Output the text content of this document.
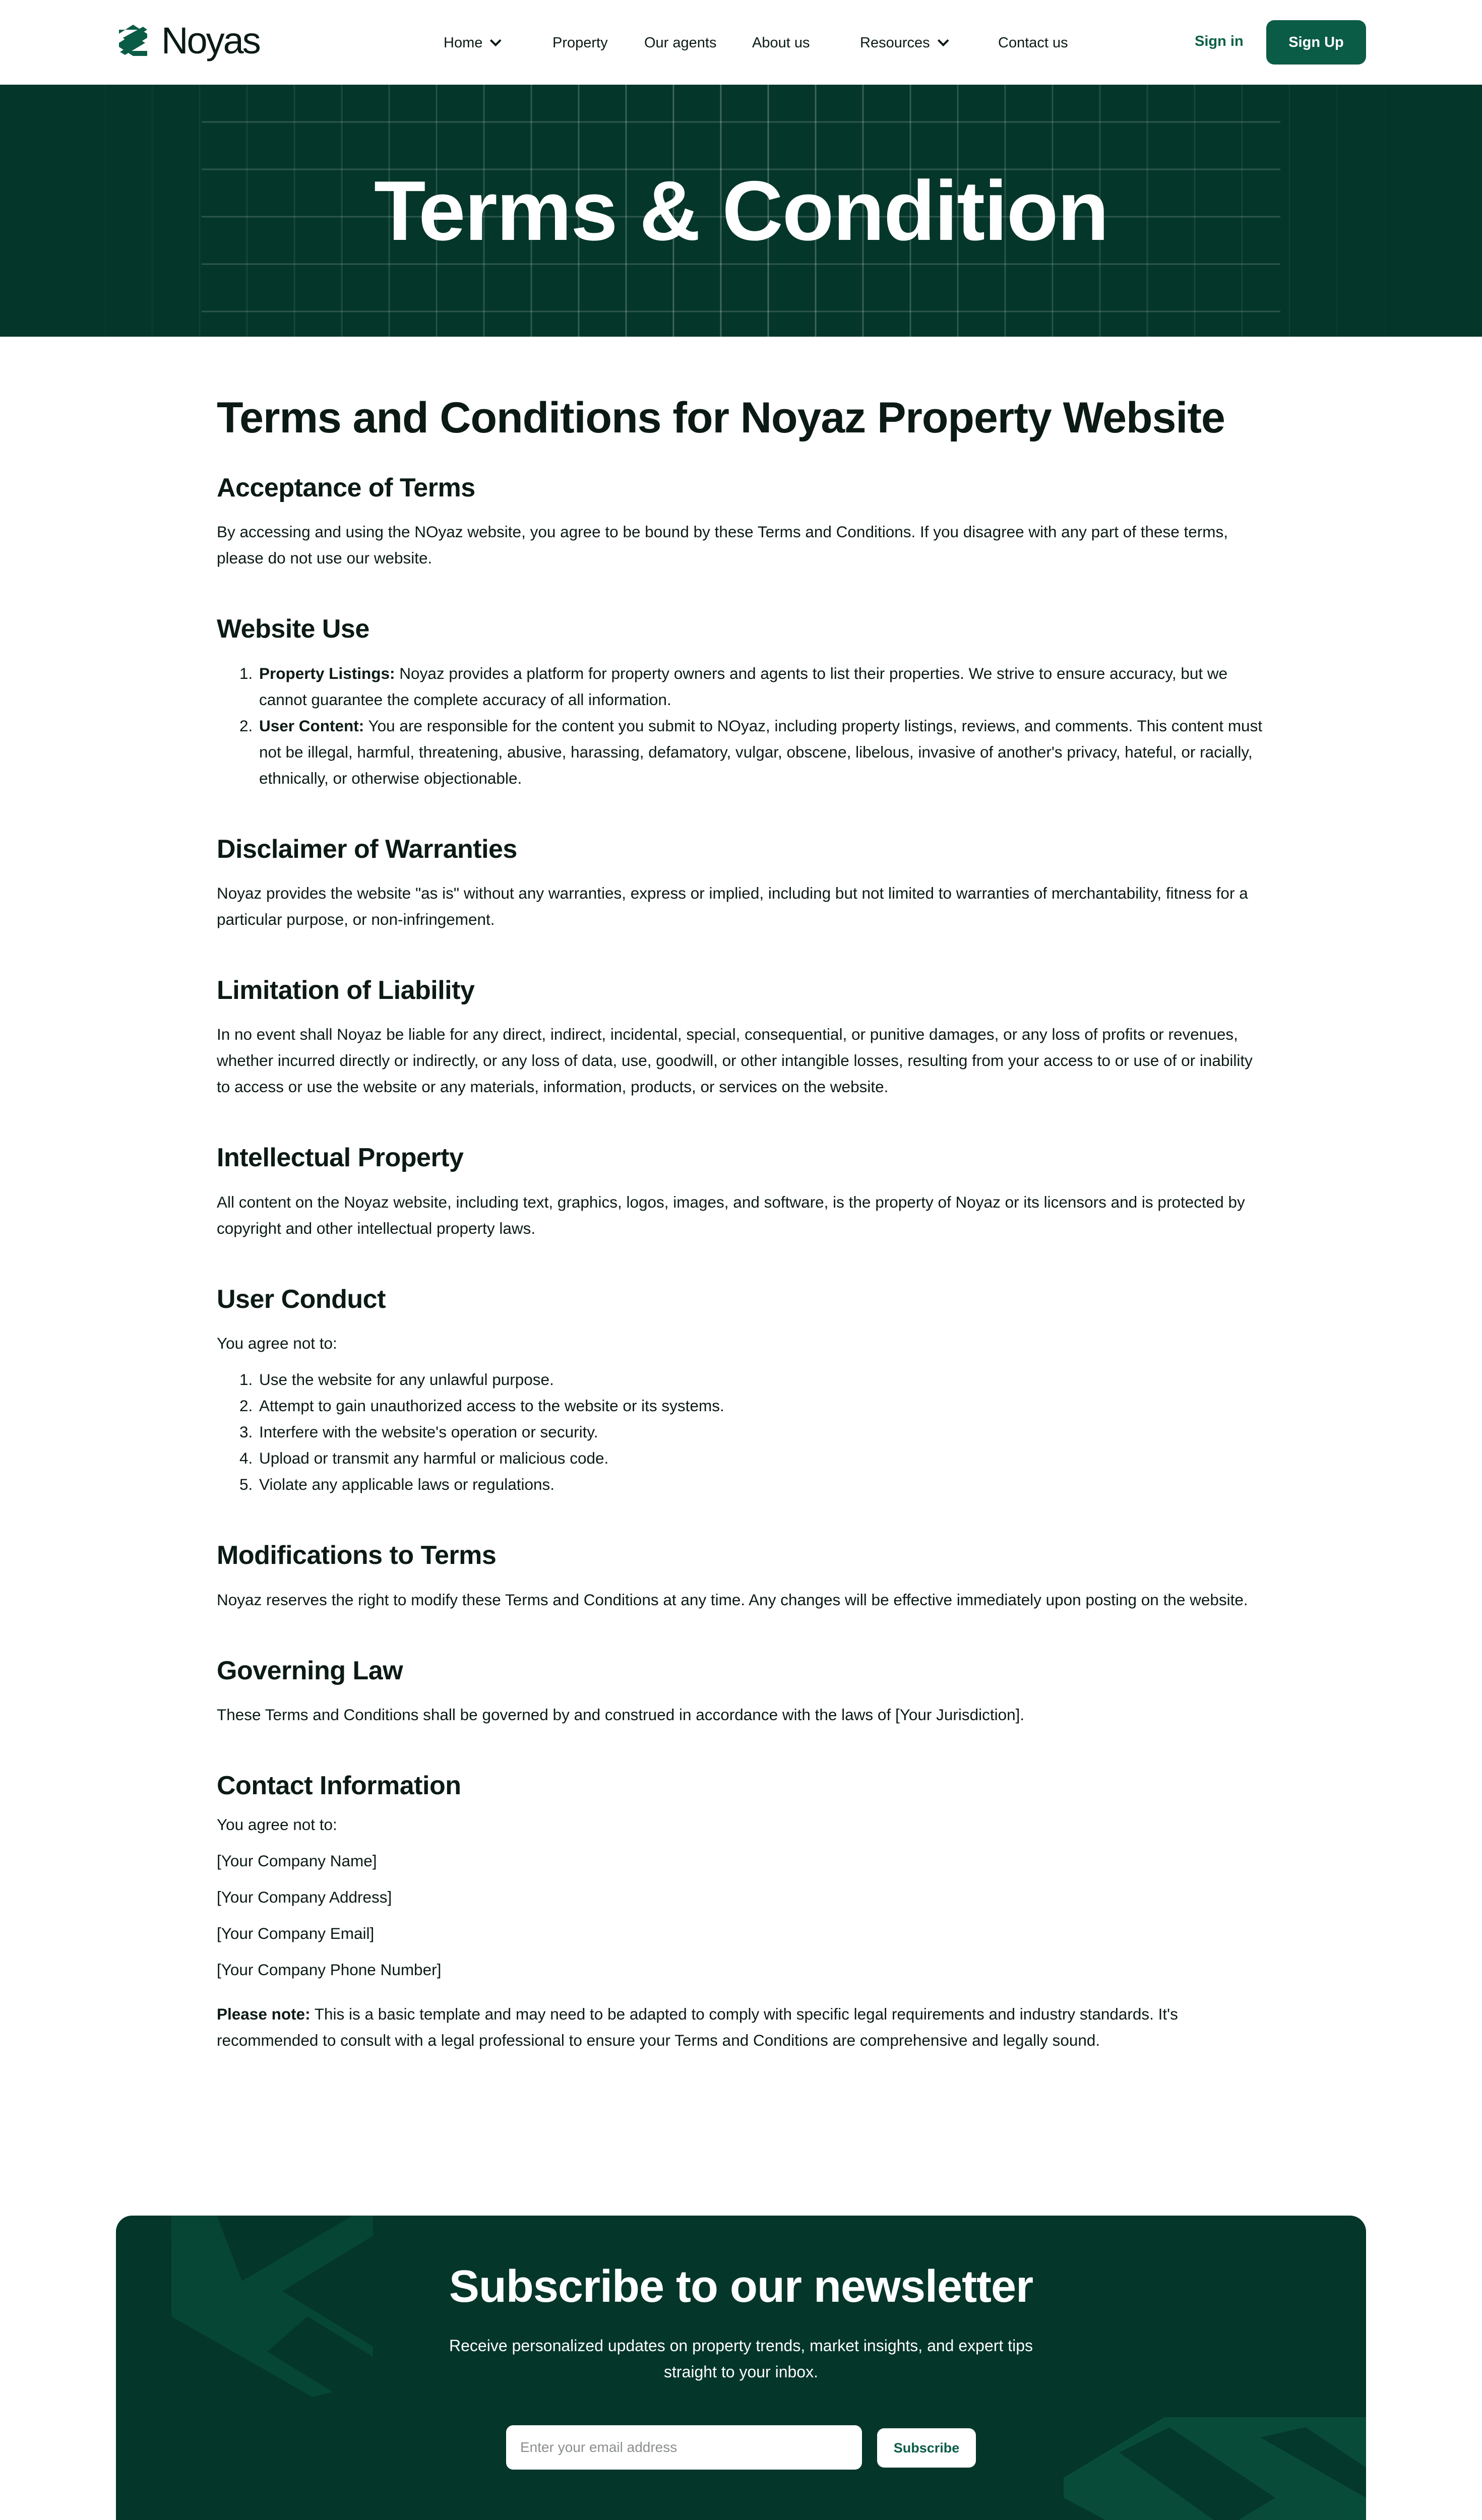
Noyas	Home	Property Our agents About us	Resources	Contact us	Sign in	Sign Up
Terms & Condition
Terms and Conditions for Noyaz Property Website
Acceptance of Terms

By accessing and using the NOyaz website, you agree to be bound by these Terms and Conditions. If you disagree with any part of these terms, please do not use our website.

Website Use
1. Property Listings: Noyaz provides a platform for property owners and agents to list their properties. We strive to ensure accuracy, but we cannot guarantee the complete accuracy of all information.
2. User Content: You are responsible for the content you submit to NOyaz, including property listings, reviews, and comments. This content must not be illegal, harmful, threatening, abusive, harassing, defamatory, vulgar, obscene, libelous, invasive of another's privacy, hateful, or racially, ethnically, or otherwise objectionable.
Disclaimer of Warranties

Noyaz provides the website "as is" without any warranties, express or implied, including but not limited to warranties of merchantability, fitness for a particular purpose, or non-infringement.

Limitation of Liability

In no event shall Noyaz be liable for any direct, indirect, incidental, special, consequential, or punitive damages, or any loss of profits or revenues, whether incurred directly or indirectly, or any loss of data, use, goodwill, or other intangible losses, resulting from your access to or use of or inability to access or use the website or any materials, information, products, or services on the website.

Intellectual Property

All content on the Noyaz website, including text, graphics, logos, images, and software, is the property of Noyaz or its licensors and is protected by copyright and other intellectual property laws.

User Conduct

You agree not to:

1. Use the website for any unlawful purpose.
2. Attempt to gain unauthorized access to the website or its systems.
3. Interfere with the website's operation or security.
4. Upload or transmit any harmful or malicious code.
5. Violate any applicable laws or regulations.
Modifications to Terms

Noyaz reserves the right to modify these Terms and Conditions at any time. Any changes will be effective immediately upon posting on the website.

Governing Law

These Terms and Conditions shall be governed by and construed in accordance with the laws of [Your Jurisdiction].

Contact Information

You agree not to:

[Your Company Name]

[Your Company Address]

[Your Company Email]

[Your Company Phone Number]

Please note: This is a basic template and may need to be adapted to comply with specific legal requirements and industry standards. It's recommended to consult with a legal professional to ensure your Terms and Conditions are comprehensive and legally sound.

Subscribe to our newsletter

Receive personalized updates on property trends, market insights, and expert tips straight to your inbox.

Enter your email address
Subscribe
